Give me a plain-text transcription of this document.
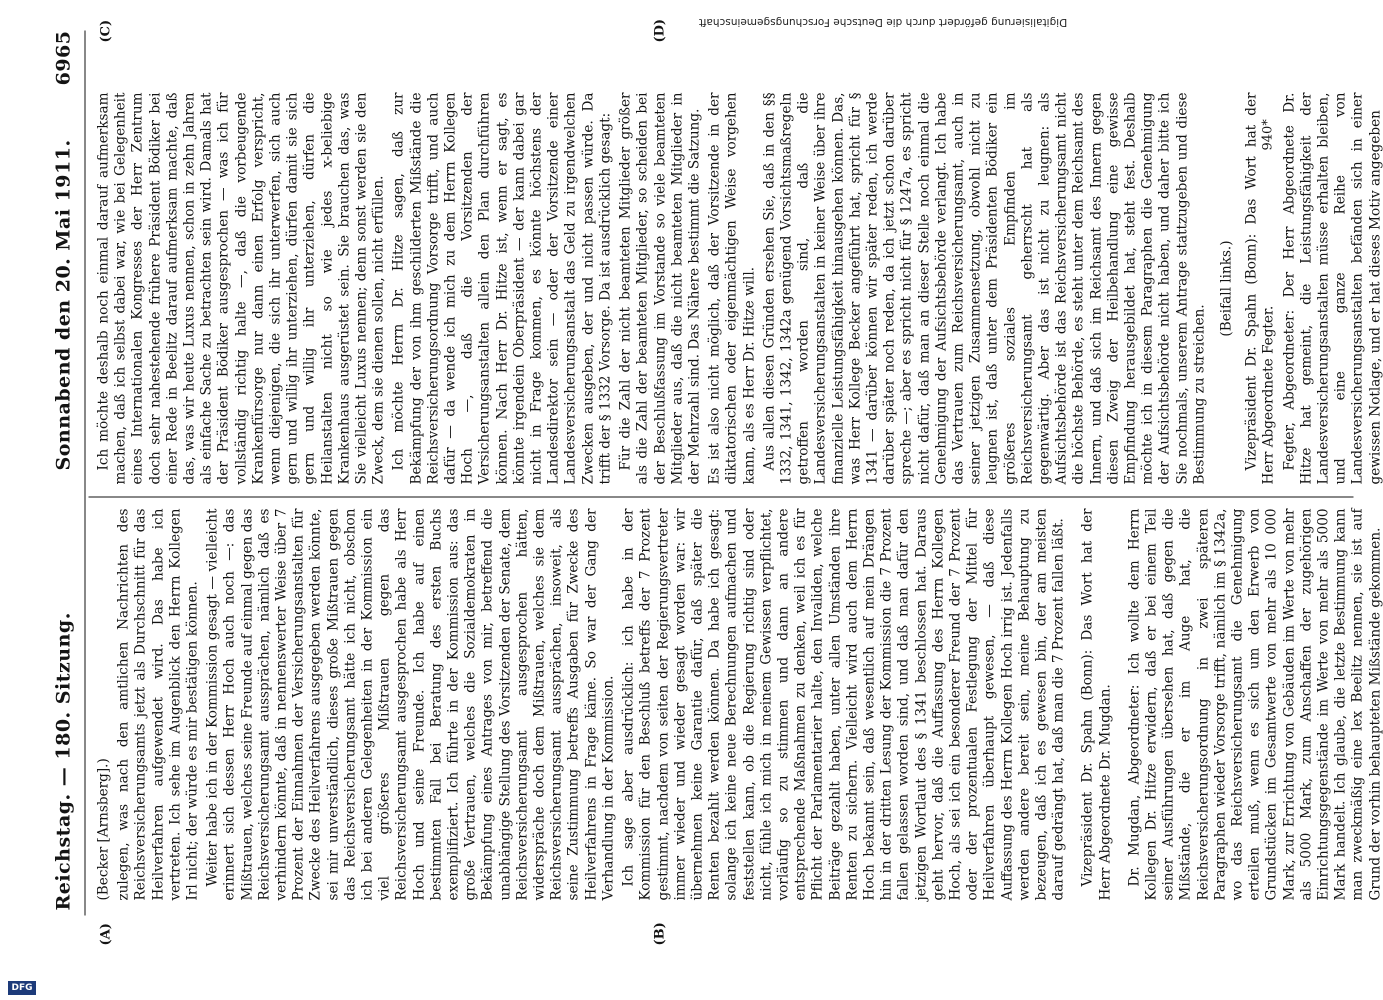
Reichstag. — 180. Sitzung.
Sonnabend den 20. Mai 1911.
6965
(A)	(B)
(C)	(D)

(Becker [Arnsberg].) zulegen, was nach den amtlichen Nachrichten des Reichsversicherungsamts jetzt als Durchschnitt für das Heilverfahren aufgewendet wird. Das habe ich vertreten. Ich sehe im Augenblick den Herrn Kollegen Irl nicht; der würde es mir bestätigen können. Weiter habe ich in der Kommission gesagt — vielleicht erinnert sich dessen Herr Hoch auch noch —: das Mißtrauen, welches seine Freunde auf einmal gegen das Reichsversicherungsamt aussprächen, nämlich daß es verhindern könnte, daß in nennenswerter Weise über 7 Prozent der Einnahmen der Versicherungsanstalten für Zwecke des Heilverfahrens ausgegeben werden könnte, sei mir unverständlich, dieses große Mißtrauen gegen das Reichsversicherungsamt hätte ich nicht, obschon ich bei anderen Gelegenheiten in der Kommission ein viel größeres Mißtrauen gegen das Reichsversicherungsamt ausgesprochen habe als Herr Hoch und seine Freunde. Ich habe auf einen bestimmten Fall bei Beratung des ersten Buchs exemplifiziert. Ich führte in der Kommission aus: das große Vertrauen, welches die Sozialdemokraten in Bekämpfung eines Antrages von mir, betreffend die unabhängige Stellung des Vorsitzenden der Senate, dem Reichsversicherungsamt ausgesprochen hätten, widerspräche doch dem Mißtrauen, welches sie dem Reichsversicherungsamt aussprächen, insoweit, als seine Zustimmung betreffs Ausgaben für Zwecke des Heilverfahrens in Frage käme. So war der Gang der Verhandlung in der Kommission. Ich sage aber ausdrücklich: ich habe in der Kommission für den Beschluß betreffs der 7 Prozent gestimmt, nachdem von seiten der Regierungsvertreter immer wieder und wieder gesagt worden war: wir übernehmen keine Garantie dafür, daß später die Renten bezahlt werden können. Da habe ich gesagt: solange ich keine neue Berechnungen aufmachen und feststellen kann, ob die Regierung richtig sind oder nicht, fühle ich mich in meinem Gewissen verpflichtet, vorläufig so zu stimmen und dann an andere entsprechende Maßnahmen zu denken, weil ich es für Pflicht der Parlamentarier halte, den Invaliden, welche Beiträge gezahlt haben, unter allen Umständen ihre Renten zu sichern. Vielleicht wird auch dem Herrn Hoch bekannt sein, daß wesentlich auf mein Drängen hin in der dritten Lesung der Kommission die 7 Prozent fallen gelassen worden sind, und daß man dafür den jetzigen Wortlaut des § 1341 beschlossen hat. Daraus geht hervor, daß die Auffassung des Herrn Kollegen Hoch, als sei ich ein besonderer Freund der 7 Prozent oder der prozentualen Festlegung der Mittel für Heilverfahren überhaupt gewesen, — daß diese Auffassung des Herrn Kollegen Hoch irrig ist. Jedenfalls werden andere bereit sein, meine Behauptung zu bezeugen, daß ich es gewesen bin, der am meisten darauf gedrängt hat, daß man die 7 Prozent fallen läßt. Vizepräsident Dr. Spahn (Bonn): Das Wort hat der Herr Abgeordnete Dr. Mugdan. Dr. Mugdan, Abgeordneter: Ich wollte dem Herrn Kollegen Dr. Hitze erwidern, daß er bei einem Teil seiner Ausführungen übersehen hat, daß gegen die Mißstände, die er im Auge hat, die Reichsversicherungsordnung in zwei späteren Paragraphen wieder Vorsorge trifft, nämlich im § 1342a, wo das Reichsversicherungsamt die Genehmigung erteilen muß, wenn es sich um den Erwerb von Grundstücken im Gesamtwerte von mehr als 10 000 Mark, zur Errichtung von Gebäuden im Werte von mehr als 5000 Mark, zum Anschaffen der zugehörigen Einrichtungsgegenstände im Werte von mehr als 5000 Mark handelt. Ich glaube, die letzte Bestimmung kann man zweckmäßig eine lex Beelitz nennen, sie ist auf Grund der vorhin behaupteten Mißstände gekommen.

Ich möchte deshalb noch einmal darauf aufmerksam machen, daß ich selbst dabei war, wie bei Gelegenheit eines Internationalen Kongresses der Herr Zentrum doch sehr nahestehende frühere Präsident Bödiker bei einer Rede in Beelitz darauf aufmerksam machte, daß das, was wir heute Luxus nennen, schon in zehn Jahren als einfache Sache zu betrachten sein wird. Damals hat der Präsident Bödiker ausgesprochen — was ich für vollständig richtig halte —, daß die vorbeugende Krankenfürsorge nur dann einen Erfolg verspricht, wenn diejenigen, die sich ihr unterwerfen, sich auch gern und willig ihr unterziehen, dürfen damit sie sich gern und willig ihr unterziehen, dürfen die Heilanstalten nicht so wie jedes x-beliebige Krankenhaus ausgerüstet sein. Sie brauchen das, was Sie vielleicht Luxus nennen; denn sonst werden sie den Zweck, dem sie dienen sollen, nicht erfüllen. Ich möchte Herrn Dr. Hitze sagen, daß zur Bekämpfung der von ihm geschilderten Mißstände die Reichsversicherungsordnung Vorsorge trifft, und auch dafür — da wende ich mich zu dem Herrn Kollegen Hoch —, daß die Vorsitzenden der Versicherungsanstalten allein den Plan durchführen können. Nach Herr Dr. Hitze ist, wenn er sagt, es könnte irgendein Oberpräsident — der kann dabei gar nicht in Frage kommen, es könnte höchstens der Landesdirektor sein — oder der Vorsitzende einer Landesversicherungsanstalt das Geld zu irgendwelchen Zwecken ausgeben, der und nicht passen würde. Da trifft der § 1332 Vorsorge. Da ist ausdrücklich gesagt: Für die Zahl der nicht beamteten Mitglieder größer als die Zahl der beamteten Mitglieder, so scheiden bei der Beschlußfassung im Vorstande so viele beamteten Mitglieder aus, daß die nicht beamteten Mitglieder in der Mehrzahl sind. Das Nähere bestimmt die Satzung. Es ist also nicht möglich, daß der Vorsitzende in der diktatorischen oder eigenmächtigen Weise vorgehen kann, als es Herr Dr. Hitze will. Aus allen diesen Gründen ersehen Sie, daß in den §§ 1332, 1341, 1342, 1342a genügend Vorsichtsmaßregeln getroffen worden sind, daß die Landesversicherungsanstalten in keiner Weise über ihre finanzielle Leistungsfähigkeit hinausgehen können. Das, was Herr Kollege Becker angeführt hat, spricht für § 1341 — darüber können wir später reden, ich werde darüber später noch reden, da ich jetzt schon darüber spreche —; aber es spricht nicht für § 1247a, es spricht nicht dafür, daß man an dieser Stelle noch einmal die Genehmigung der Aufsichtsbehörde verlangt. Ich habe das Vertrauen zum Reichsversicherungsamt, auch in seiner jetzigen Zusammensetzung, obwohl nicht zu leugnen ist, daß unter dem Präsidenten Bödiker ein größeres soziales Empfinden im Reichsversicherungsamt geherrscht hat als gegenwärtig. Aber das ist nicht zu leugnen: als Aufsichtsbehörde ist das Reichsversicherungsamt nicht die höchste Behörde, es steht unter dem Reichsamt des Innern, und daß sich im Reichsamt des Innern gegen diesen Zweig der Heilbehandlung eine gewisse Empfindung herausgebildet hat, steht fest. Deshalb möchte ich in diesem Paragraphen die Genehmigung der Aufsichtsbehörde nicht haben, und daher bitte ich Sie nochmals, unserem Antrage stattzugeben und diese Bestimmung zu streichen.

(Beifall links.) Vizepräsident Dr. Spahn (Bonn): Das Wort hat der Herr Abgeordnete Fegter. Fegter, Abgeordneter: Der Herr Abgeordnete Dr. Hitze hat gemeint, die Leistungsfähigkeit der Landesversicherungsanstalten müsse erhalten bleiben, und eine ganze Reihe von Landesversicherungsanstalten befänden sich in einer gewissen Notlage, und er hat dieses Motiv angegeben

940*
Digitalisierung gefördert durch die Deutsche Forschungsgemeinschaft
DFG
